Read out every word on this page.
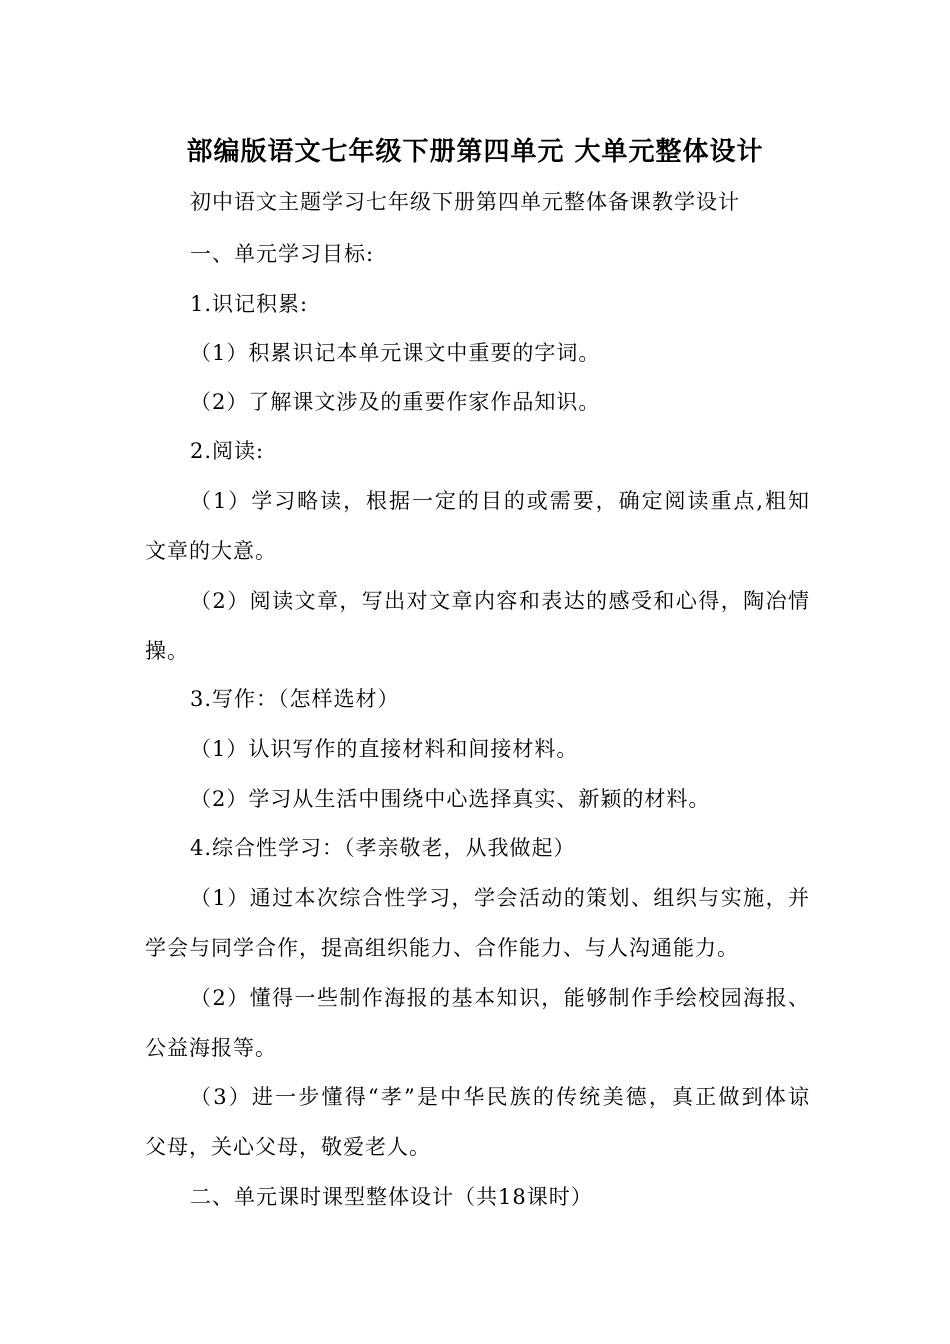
部编版语文七年级下册第四单元 大单元整体设计
初中语文主题学习七年级下册第四单元整体备课教学设计
一、单元学习目标:
1.识记积累:
（1）积累识记本单元课文中重要的字词。
（2）了解课文涉及的重要作家作品知识。
2.阅读:
（1）学习略读，根据一定的目的或需要，确定阅读重点,粗知
文章的大意。
（2）阅读文章，写出对文章内容和表达的感受和心得，陶冶情
操。
3.写作：（怎样选材）
（1）认识写作的直接材料和间接材料。
（2）学习从生活中围绕中心选择真实、新颖的材料。
4.综合性学习：（孝亲敬老，从我做起）
（1）通过本次综合性学习，学会活动的策划、组织与实施，并
学会与同学合作，提高组织能力、合作能力、与人沟通能力。
（2）懂得一些制作海报的基本知识，能够制作手绘校园海报、
公益海报等。
（3）进一步懂得“孝”是中华民族的传统美德，真正做到体谅
父母，关心父母，敬爱老人。
二、单元课时课型整体设计（共18课时）
